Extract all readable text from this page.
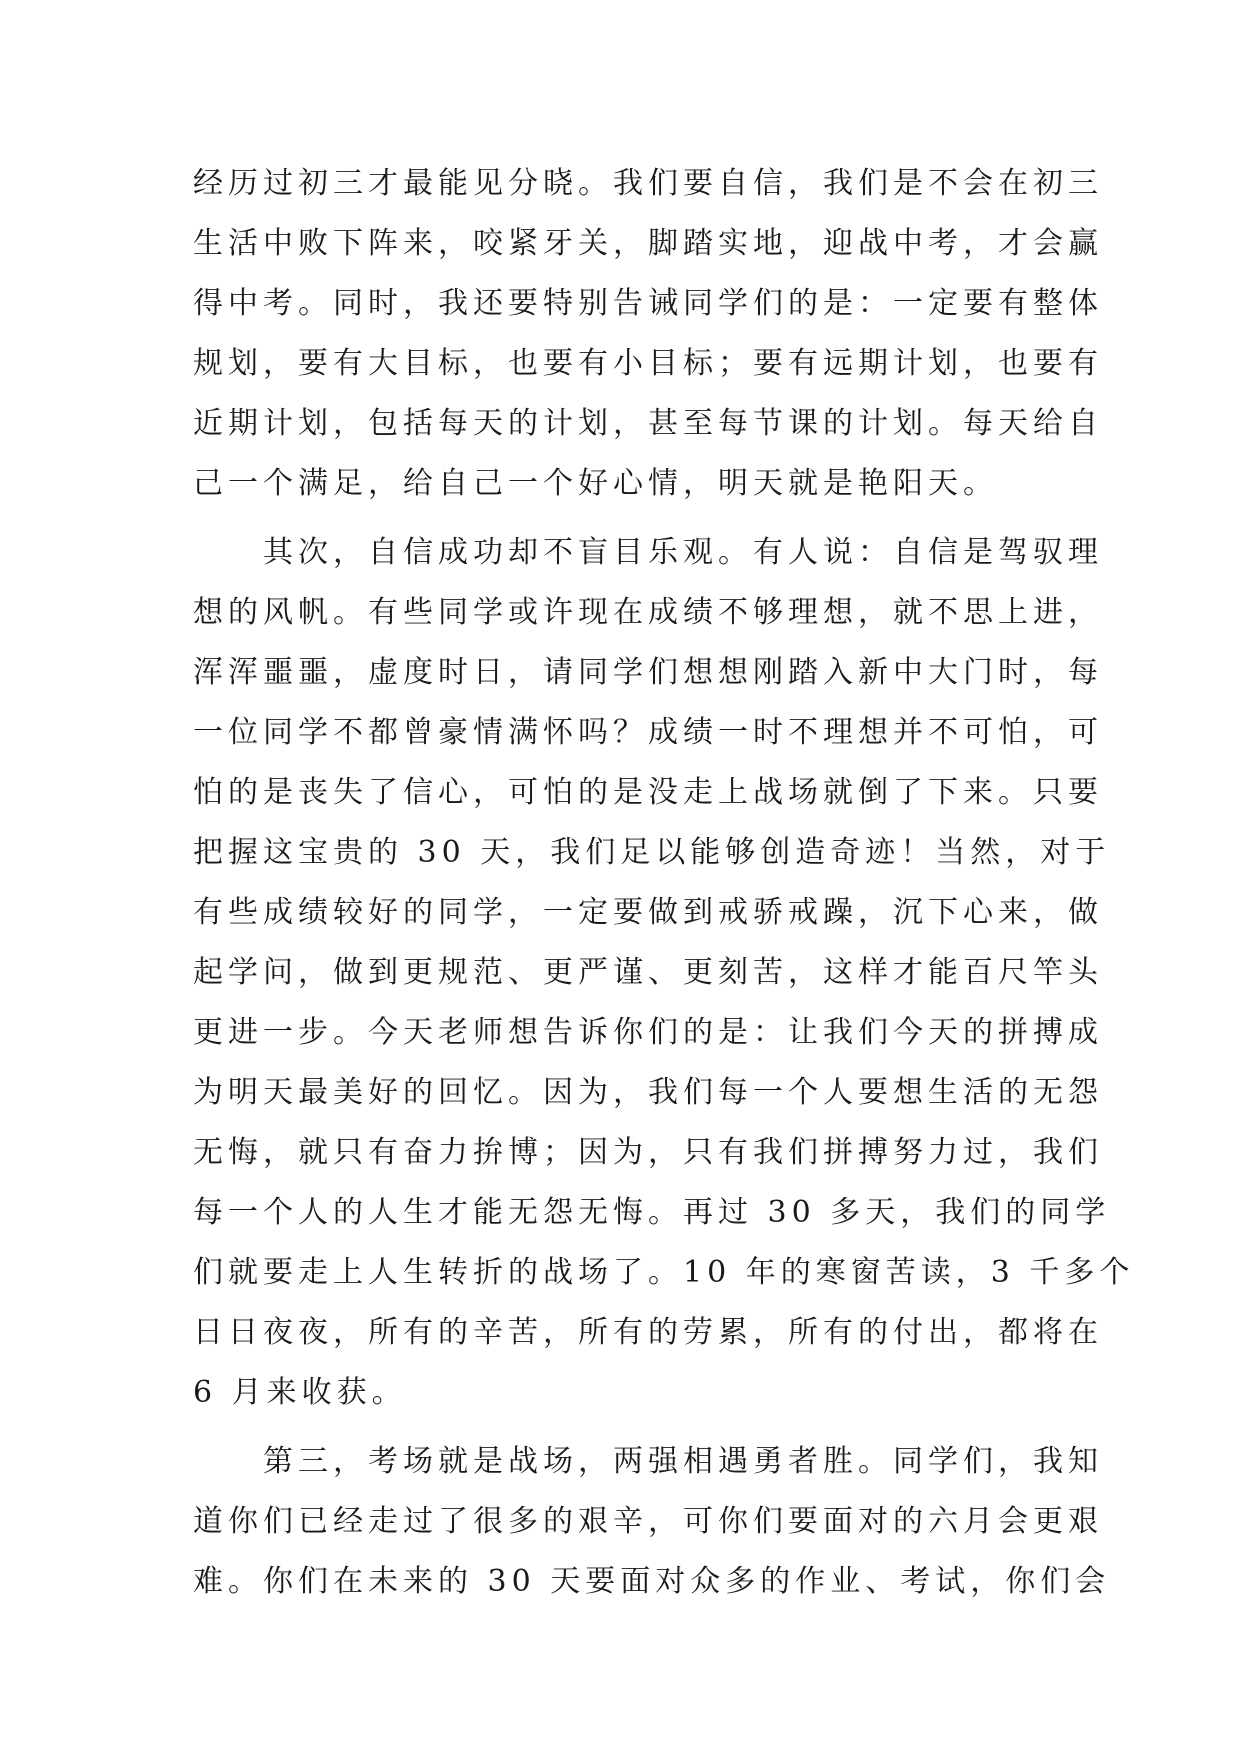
经历过初三才最能见分晓。我们要自信，我们是不会在初三
生活中败下阵来，咬紧牙关，脚踏实地，迎战中考，才会赢
得中考。同时，我还要特别告诫同学们的是：一定要有整体
规划，要有大目标，也要有小目标；要有远期计划，也要有
近期计划，包括每天的计划，甚至每节课的计划。每天给自
己一个满足，给自己一个好心情，明天就是艳阳天。
　　其次，自信成功却不盲目乐观。有人说：自信是驾驭理
想的风帆。有些同学或许现在成绩不够理想，就不思上进，
浑浑噩噩，虚度时日，请同学们想想刚踏入新中大门时，每
一位同学不都曾豪情满怀吗？成绩一时不理想并不可怕，可
怕的是丧失了信心，可怕的是没走上战场就倒了下来。只要
把握这宝贵的 30 天，我们足以能够创造奇迹！当然，对于
有些成绩较好的同学，一定要做到戒骄戒躁，沉下心来，做
起学问，做到更规范、更严谨、更刻苦，这样才能百尺竿头
更进一步。今天老师想告诉你们的是：让我们今天的拼搏成
为明天最美好的回忆。因为，我们每一个人要想生活的无怨
无悔，就只有奋力拚博；因为，只有我们拼搏努力过，我们
每一个人的人生才能无怨无悔。再过 30 多天，我们的同学
们就要走上人生转折的战场了。10 年的寒窗苦读，3 千多个
日日夜夜，所有的辛苦，所有的劳累，所有的付出，都将在
6 月来收获。
　　第三，考场就是战场，两强相遇勇者胜。同学们，我知
道你们已经走过了很多的艰辛，可你们要面对的六月会更艰
难。你们在未来的 30 天要面对众多的作业、考试，你们会
